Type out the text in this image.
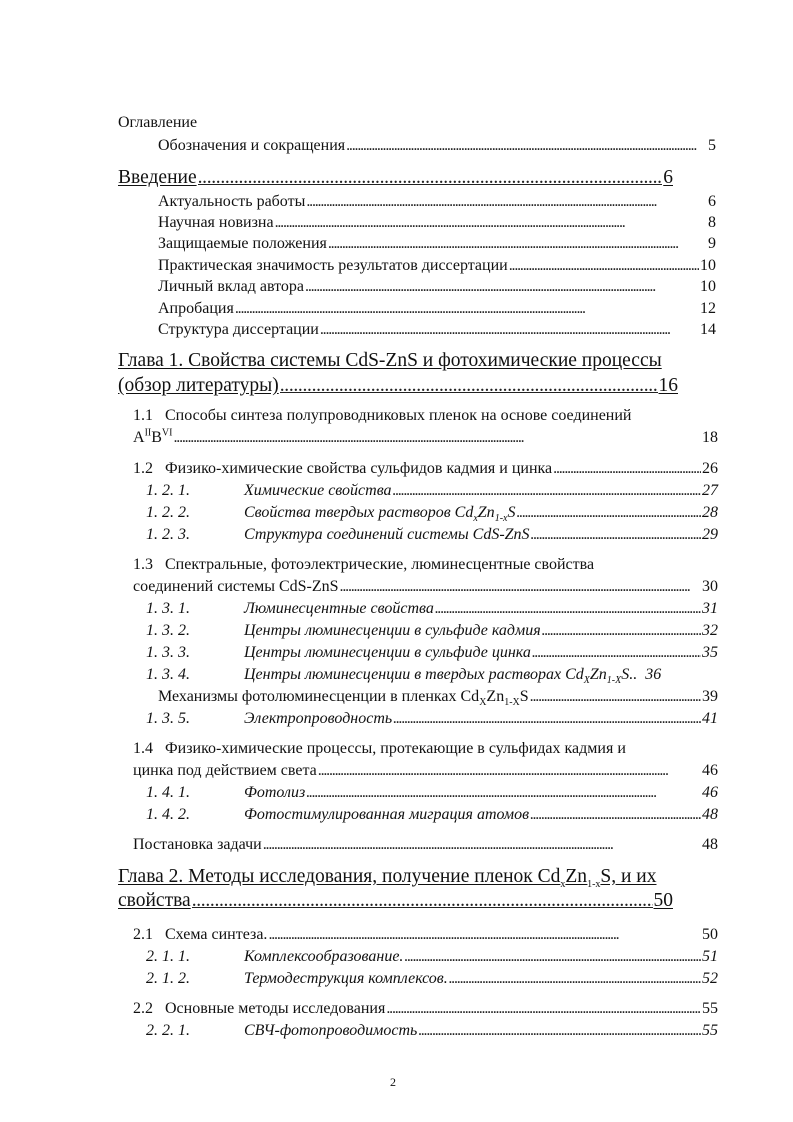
Оглавление
Обозначения и сокращения . . .	5
Введение . . .	6
Актуальность работы . . .	6
Научная новизна . . .	8
Защищаемые положения . . .	9
Практическая значимость результатов диссертации . . .	10
Личный вклад автора . . .	10
Апробация . . .	12
Структура диссертации . . .	14
Глава 1. Свойства системы CdS-ZnS и фотохимические процессы
(обзор литературы) . . .	16
1.1 Способы синтеза полупроводниковых пленок на основе соединений
$A^{II}B^{VI}$ . . .	18
1.2 Физико-химические свойства сульфидов кадмия и цинка . . .	26
1. 2. 1.	Химические свойства . . .	27
1. 2. 2.	Свойства твердых растворов $Cd_xZn_{1-x}S$ . . .	28
1. 2. 3.	Структура соединений системы CdS-ZnS . . .	29
1.3 Спектральные, фотоэлектрические, люминесцентные свойства
соединений системы CdS-ZnS . . .	30
1. 3. 1.	Люминесцентные свойства . . .	31
1. 3. 2.	Центры люминесценции в сульфиде кадмия . . .	32
1. 3. 3.	Центры люминесценции в сульфиде цинка . . .	35
1. 3. 4.	Центры люминесценции в твердых растворах $Cd_XZn_{1-X}S$.. 36
Механизмы фотолюминесценции в пленках $Cd_XZn_{1-X}S$ . . .	39
1. 3. 5.	Электропроводность . . .	41
1.4 Физико-химические процессы, протекающие в сульфидах кадмия и
цинка под действием света . . .	46
1. 4. 1.	Фотолиз . . .	46
1. 4. 2.	Фотостимулированная миграция атомов . . .	48
Постановка задачи . . .	48
Глава 2. Методы исследования, получение пленок $Cd_xZn_{1-x}S$, и их
свойства . . .	50
2.1 Схема синтеза. . . .	50
2. 1. 1.	Комплексообразование. . . .	51
2. 1. 2.	Термодеструкция комплексов. . . .	52
2.2 Основные методы исследования . . .	55
2. 2. 1.	СВЧ-фотопроводимость . . .	55
2
